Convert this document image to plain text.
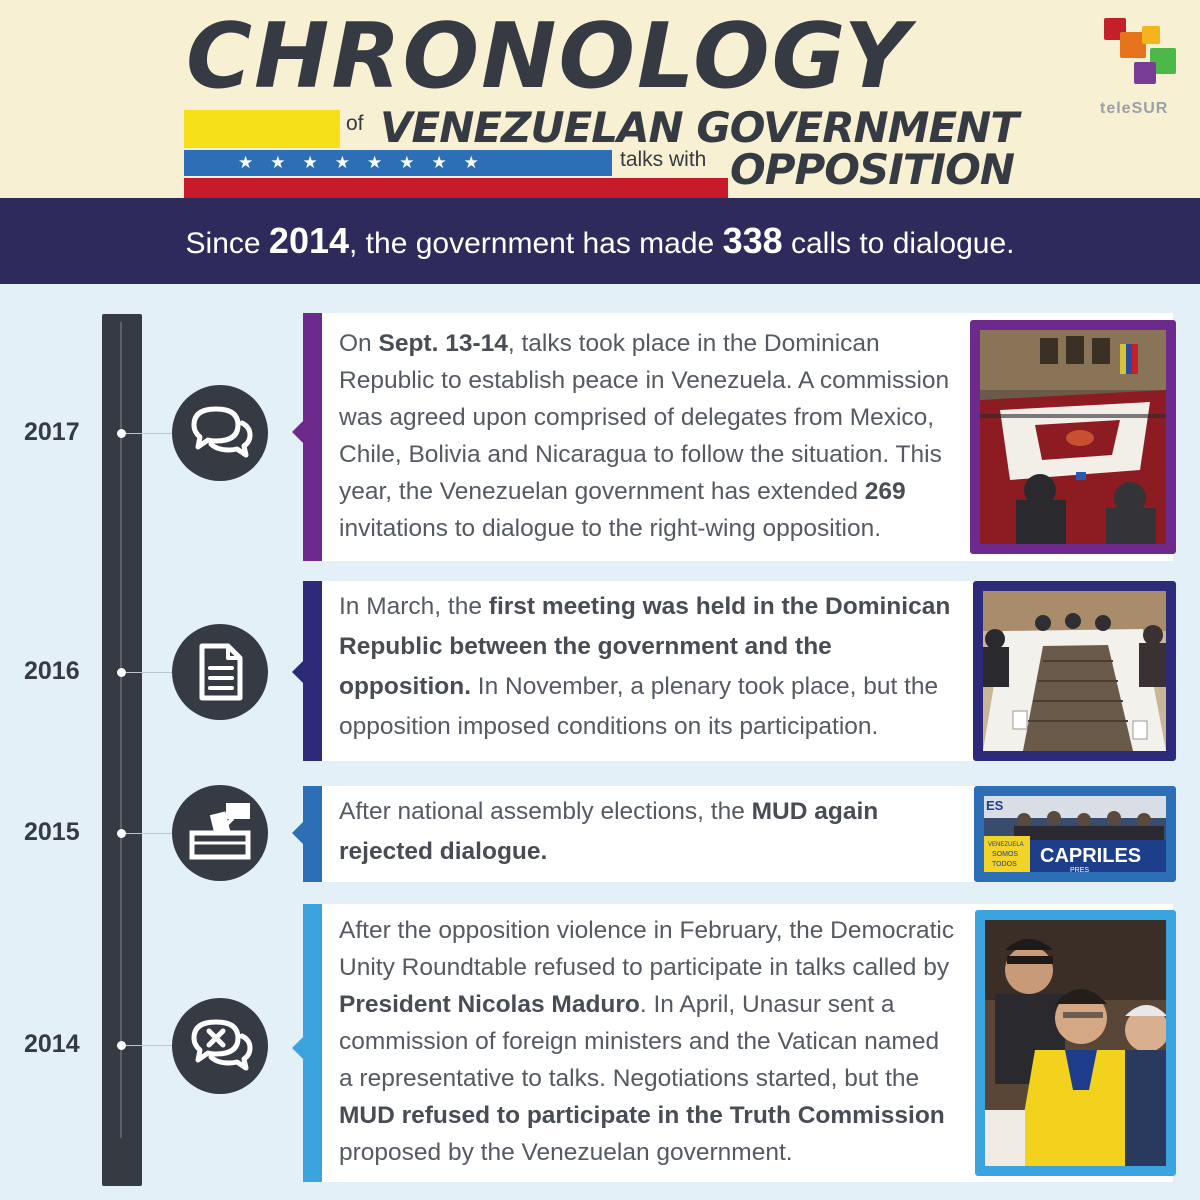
CHRONOLOGY
★★★★★★★★
of VENEZUELAN GOVERNMENT
talks with OPPOSITION
teleSUR
Since 2014, the government has made 338 calls to dialogue.
2017
On Sept. 13-14, talks took place in the Dominican Republic to establish peace in Venezuela. A commission was agreed upon comprised of delegates from Mexico, Chile, Bolivia and Nicaragua to follow the situation. This year, the Venezuelan government has extended 269 invitations to dialogue to the right-wing opposition.
2016
In March, the first meeting was held in the Dominican Republic between the government and the opposition. In November, a plenary took place, but the opposition imposed conditions on its participation.
2015
After national assembly elections, the MUD again rejected dialogue.
ES
VENEZUELA
SOMOS
TODOS CAPRILES
PRES
2014
After the opposition violence in February, the Democratic Unity Roundtable refused to participate in talks called by President Nicolas Maduro. In April, Unasur sent a commission of foreign ministers and the Vatican named a representative to talks. Negotiations started, but the MUD refused to participate in the Truth Commission proposed by the Venezuelan government.
